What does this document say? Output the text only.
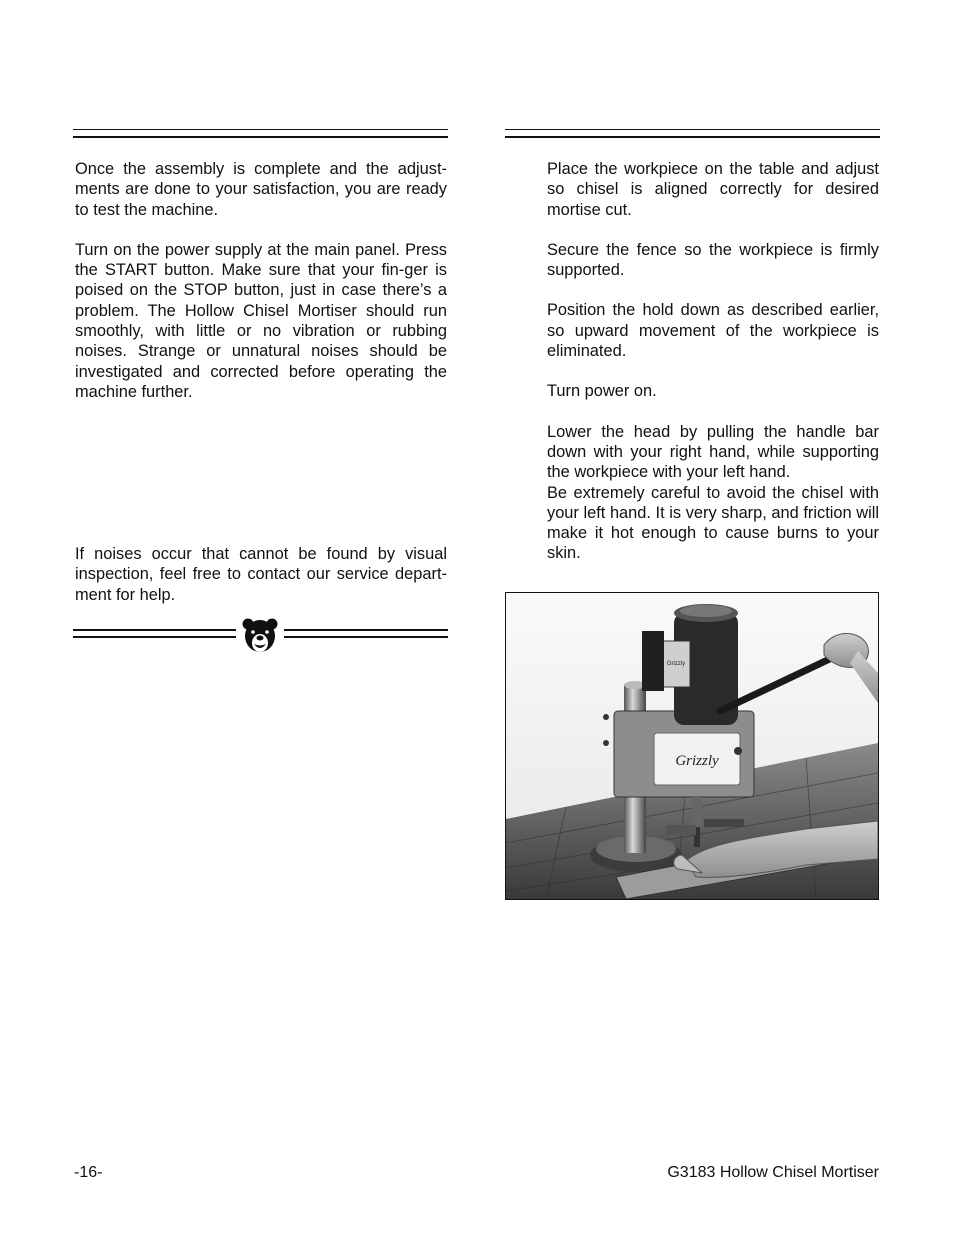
Once the assembly is complete and the adjust-ments are done to your satisfaction, you are ready to test the machine.

Turn on the power supply at the main panel. Press the START button. Make sure that your fin-ger is poised on the STOP button, just in case there’s a problem. The Hollow Chisel Mortiser should run smoothly, with little or no vibration or rubbing noises. Strange or unnatural noises should be investigated and corrected before operating the machine further.

If noises occur that cannot be found by visual inspection, feel free to contact our service depart-ment for help.

Place the workpiece on the table and adjust so chisel is aligned correctly for desired mortise cut.

Secure the fence so the workpiece is firmly supported.

Position the hold down as described earlier, so upward movement of the workpiece is eliminated.

Turn power on.

Lower the head by pulling the handle bar down with your right hand, while supporting the workpiece with your left hand.

Be extremely careful to avoid the chisel with your left hand. It is very sharp, and friction will make it hot enough to cause burns to your skin.

Grizzly
Grizzly
-16-	G3183 Hollow Chisel Mortiser
